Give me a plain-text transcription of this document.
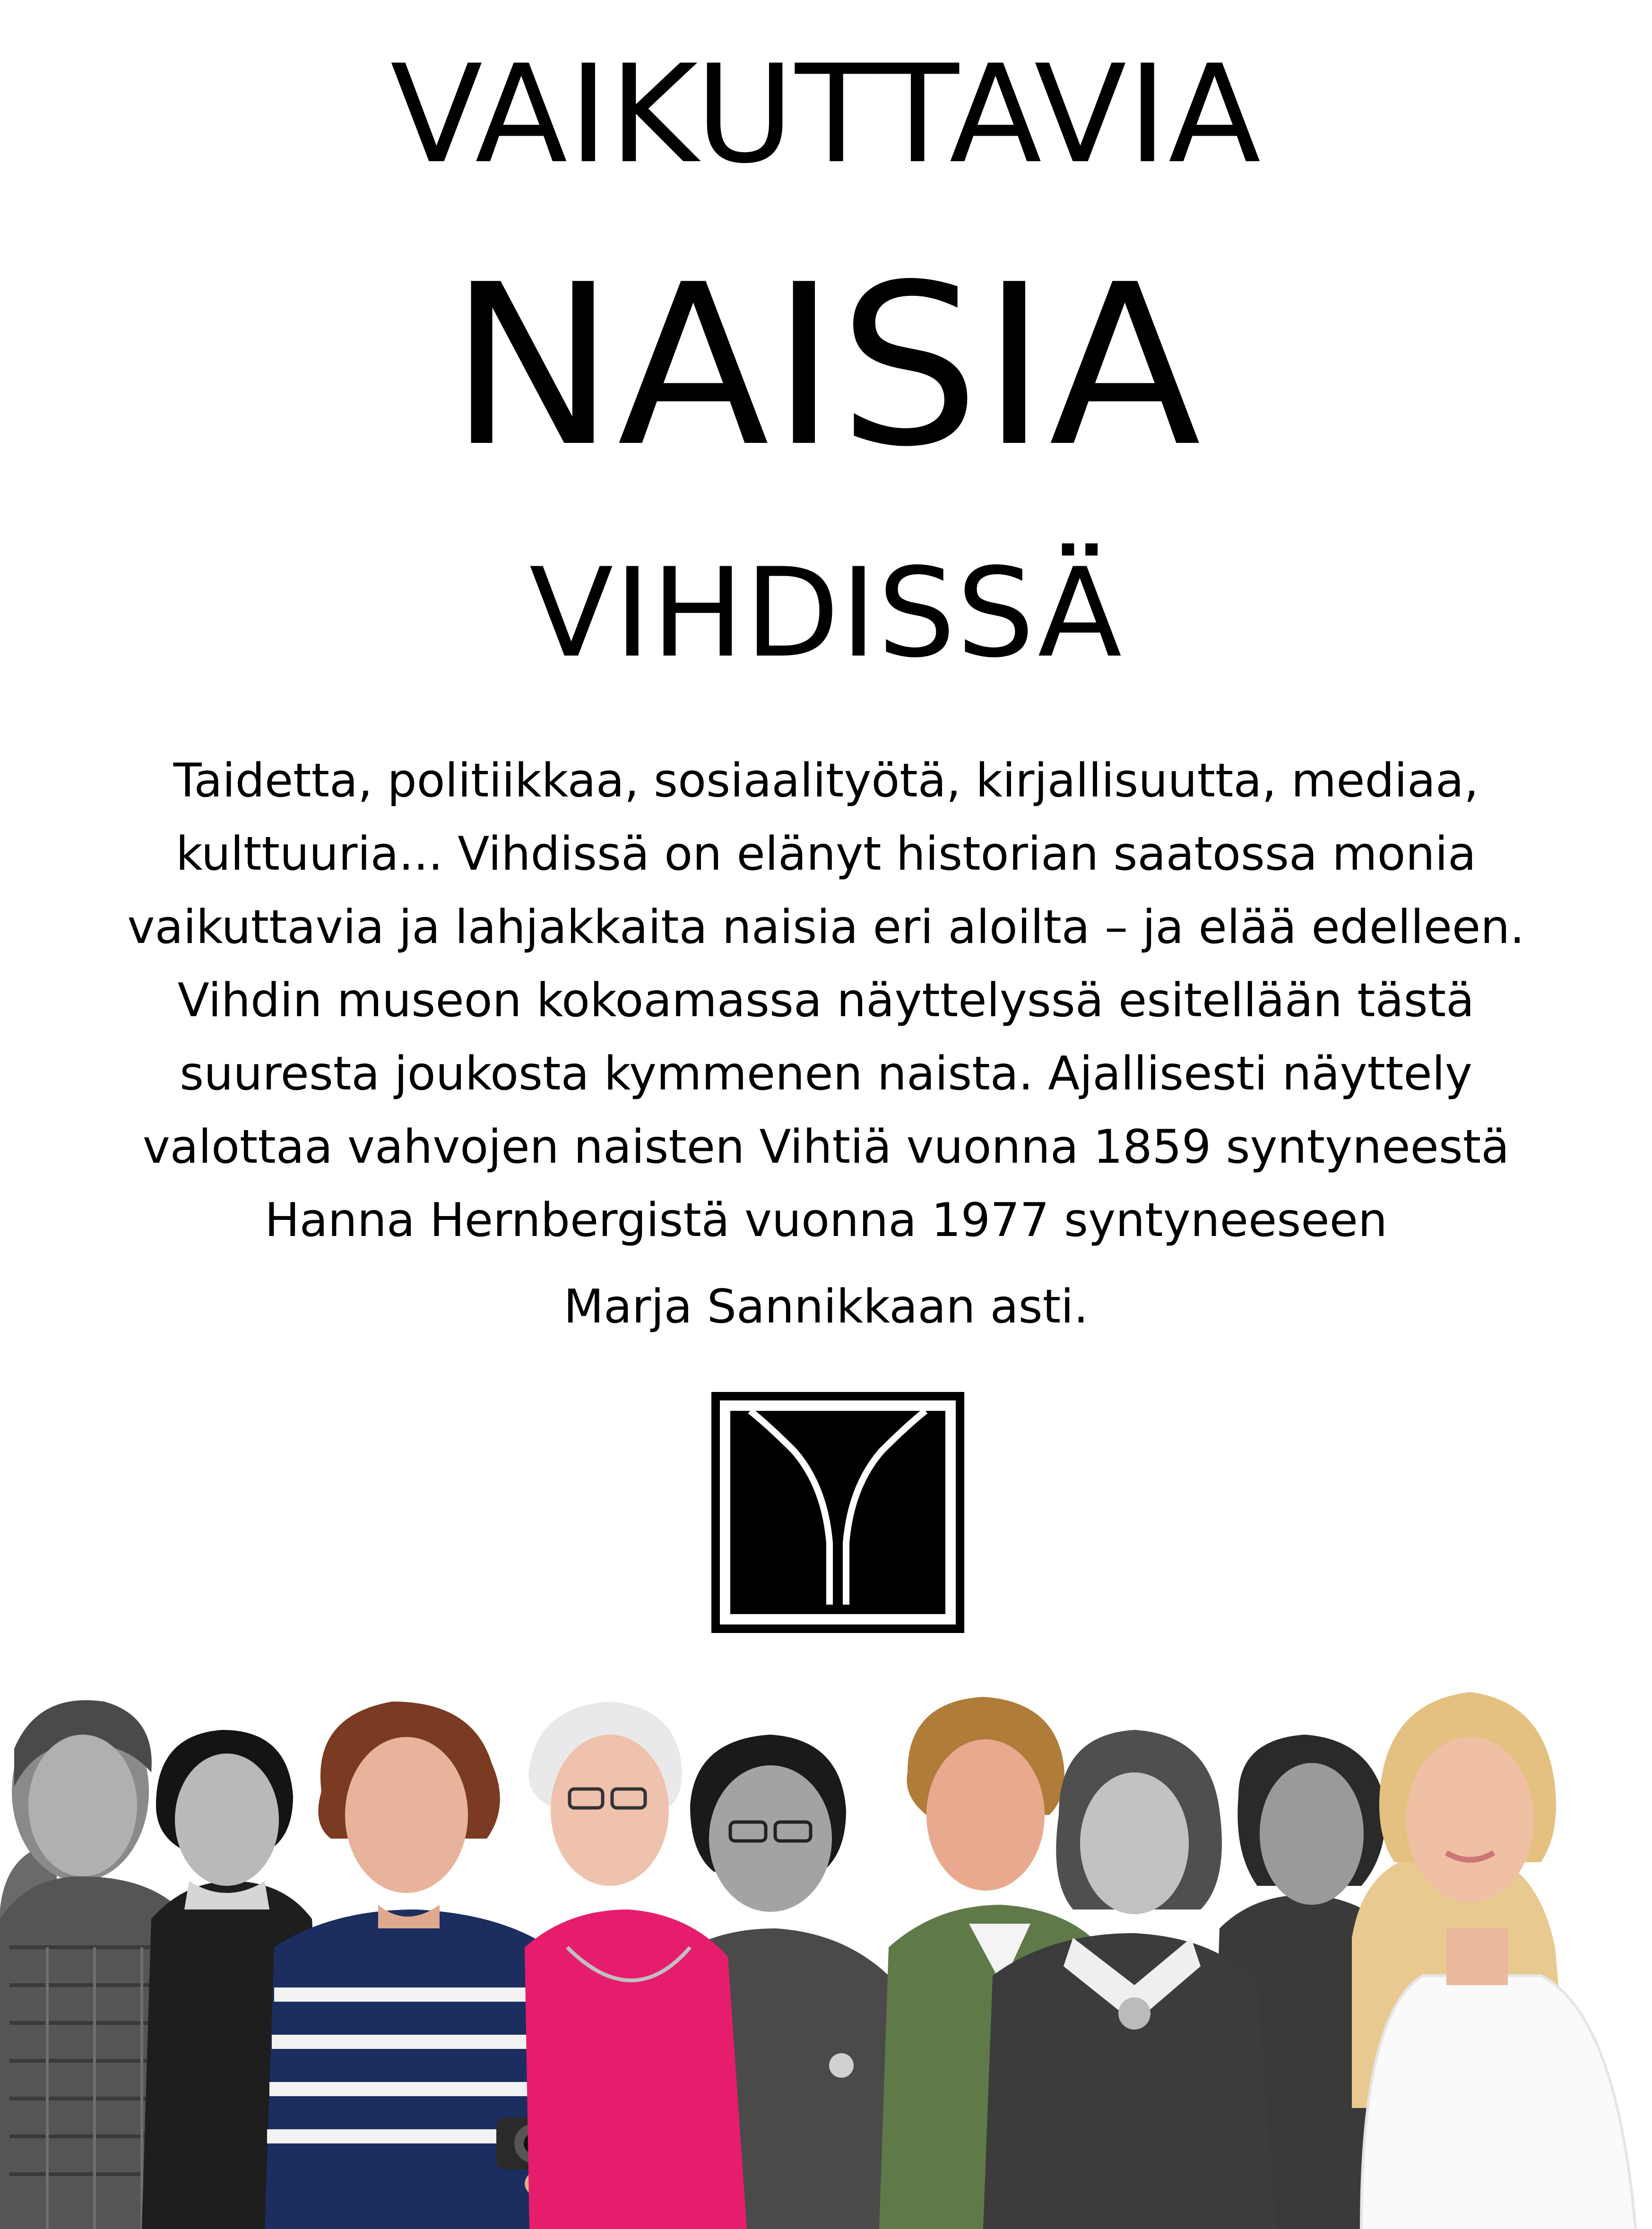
VAIKUTTAVIA
NAISIA
VIHDISSÄ
Taidetta, politiikkaa, sosiaalityötä, kirjallisuutta, mediaa,
kulttuuria... Vihdissä on elänyt historian saatossa monia
vaikuttavia ja lahjakkaita naisia eri aloilta – ja elää edelleen.
Vihdin museon kokoamassa näyttelyssä esitellään tästä
suuresta joukosta kymmenen naista. Ajallisesti näyttely
valottaa vahvojen naisten Vihtiä vuonna 1859 syntyneestä
Hanna Hernbergistä vuonna 1977 syntyneeseen
Marja Sannikkaan asti.
